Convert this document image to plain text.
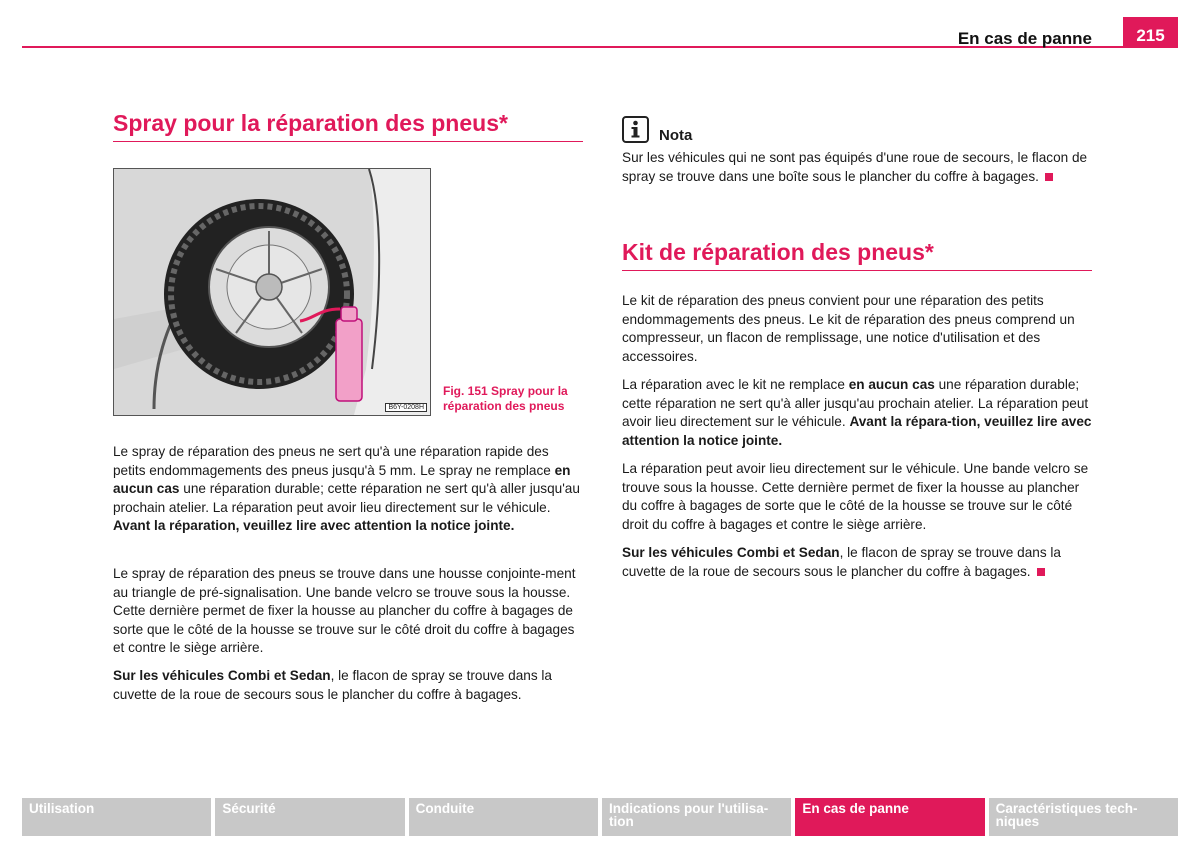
En cas de panne	215
Spray pour la réparation des pneus*
B6Y-0208H
Fig. 151 Spray pour la réparation des pneus

Le spray de réparation des pneus ne sert qu'à une réparation rapide des petits endommagements des pneus jusqu'à 5 mm. Le spray ne remplace en aucun cas une réparation durable; cette réparation ne sert qu'à aller jusqu'au prochain atelier. La réparation peut avoir lieu directement sur le véhicule. Avant la réparation, veuillez lire avec attention la notice jointe.

Le spray de réparation des pneus se trouve dans une housse conjointe-ment au triangle de pré-signalisation. Une bande velcro se trouve sous la housse. Cette dernière permet de fixer la housse au plancher du coffre à bagages de sorte que le côté de la housse se trouve sur le côté droit du coffre à bagages et contre le siège arrière.

Sur les véhicules Combi et Sedan, le flacon de spray se trouve dans la cuvette de la roue de secours sous le plancher du coffre à bagages.

Nota

Sur les véhicules qui ne sont pas équipés d'une roue de secours, le flacon de spray se trouve dans une boîte sous le plancher du coffre à bagages.

Kit de réparation des pneus*

Le kit de réparation des pneus convient pour une réparation des petits endommagements des pneus. Le kit de réparation des pneus comprend un compresseur, un flacon de remplissage, une notice d'utilisation et des accessoires.

La réparation avec le kit ne remplace en aucun cas une réparation durable; cette réparation ne sert qu'à aller jusqu'au prochain atelier. La réparation peut avoir lieu directement sur le véhicule. Avant la répara-tion, veuillez lire avec attention la notice jointe.

La réparation peut avoir lieu directement sur le véhicule. Une bande velcro se trouve sous la housse. Cette dernière permet de fixer la housse au plancher du coffre à bagages de sorte que le côté de la housse se trouve sur le côté droit du coffre à bagages et contre le siège arrière.

Sur les véhicules Combi et Sedan, le flacon de spray se trouve dans la cuvette de la roue de secours sous le plancher du coffre à bagages.

Utilisation	Sécurité	Conduite	Indications pour l'utilisa-tion
En cas de panne	Caractéristiques tech-niques
